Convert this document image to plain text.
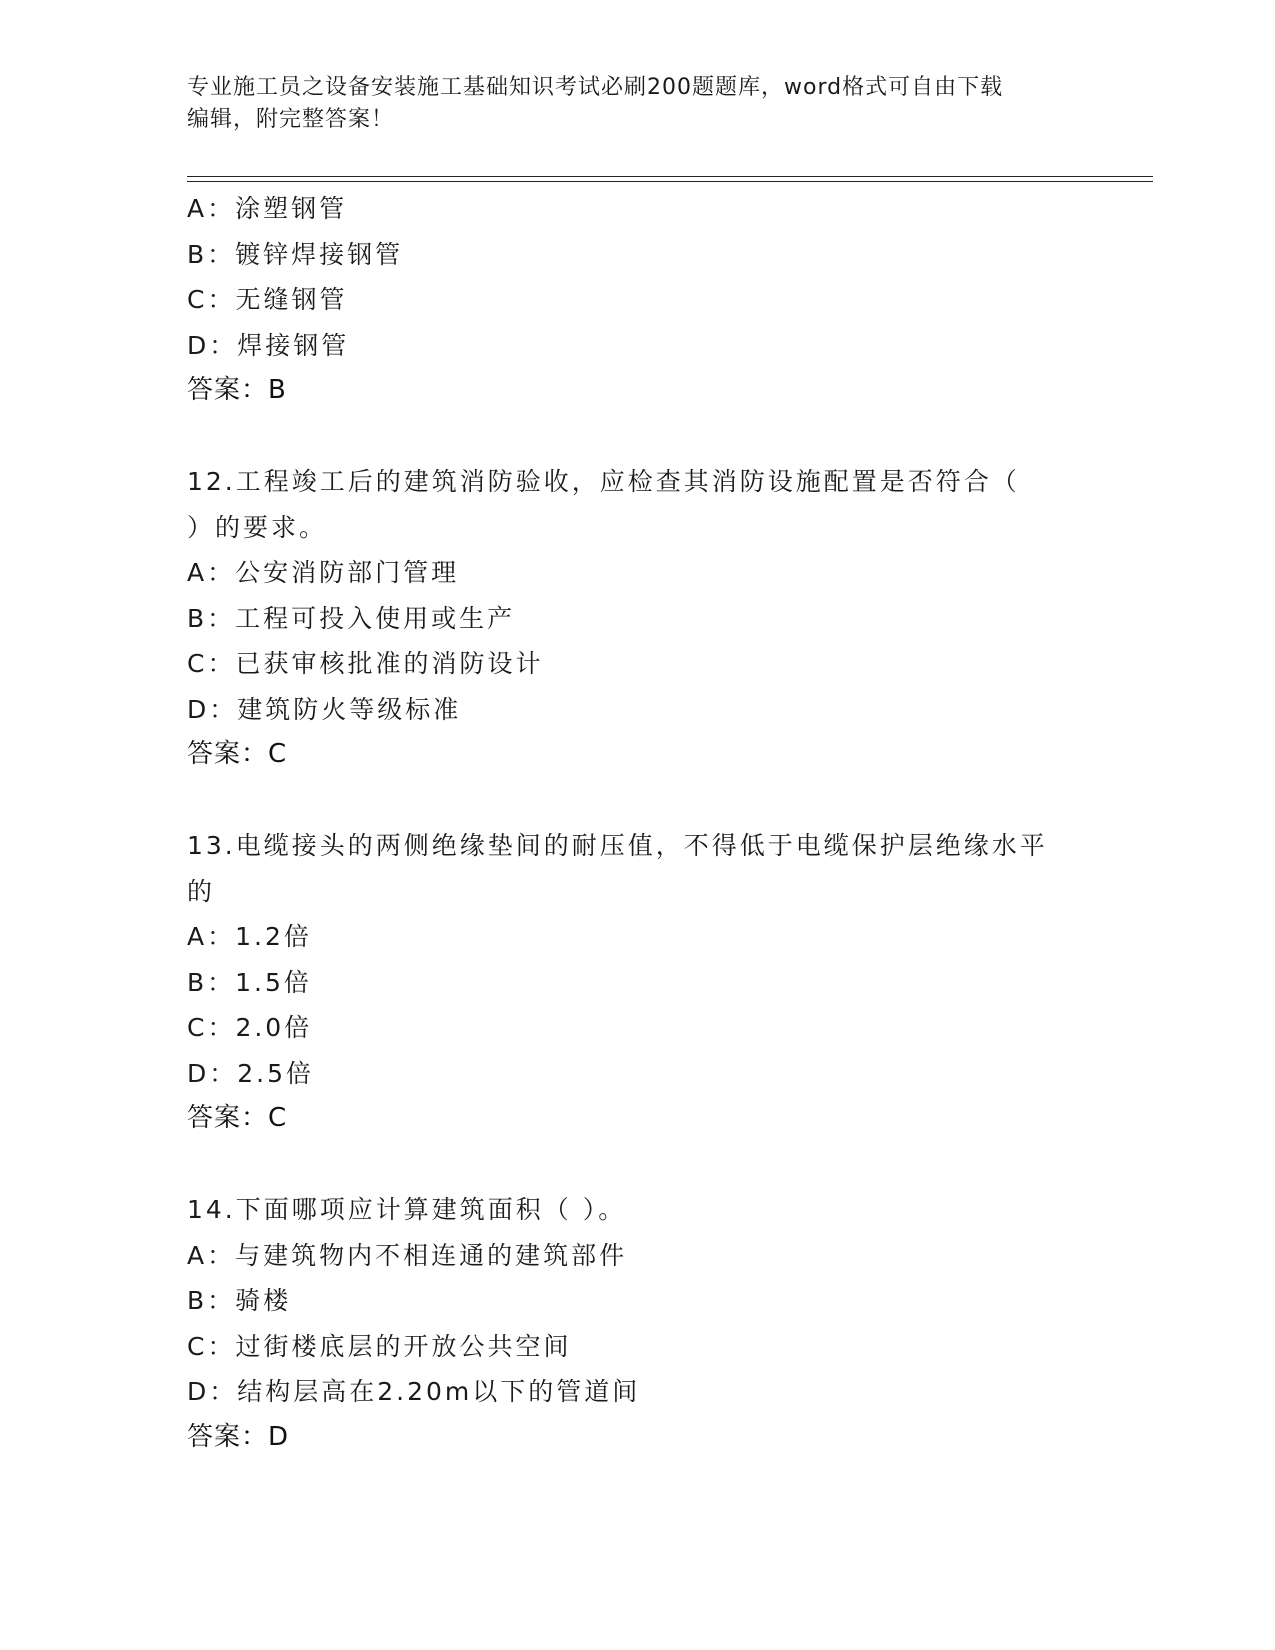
专业施工员之设备安装施工基础知识考试必刷200题题库，word格式可自由下载
编辑，附完整答案！
A：涂塑钢管
B：镀锌焊接钢管
C：无缝钢管
D：焊接钢管
答案：B
12.工程竣工后的建筑消防验收，应检查其消防设施配置是否符合（
）的要求。
A：公安消防部门管理
B：工程可投入使用或生产
C：已获审核批准的消防设计
D：建筑防火等级标准
答案：C
13.电缆接头的两侧绝缘垫间的耐压值，不得低于电缆保护层绝缘水平
的
A：1.2倍
B：1.5倍
C：2.0倍
D：2.5倍
答案：C
14.下面哪项应计算建筑面积（ ）。
A：与建筑物内不相连通的建筑部件
B：骑楼
C：过街楼底层的开放公共空间
D：结构层高在2.20m以下的管道间
答案：D
